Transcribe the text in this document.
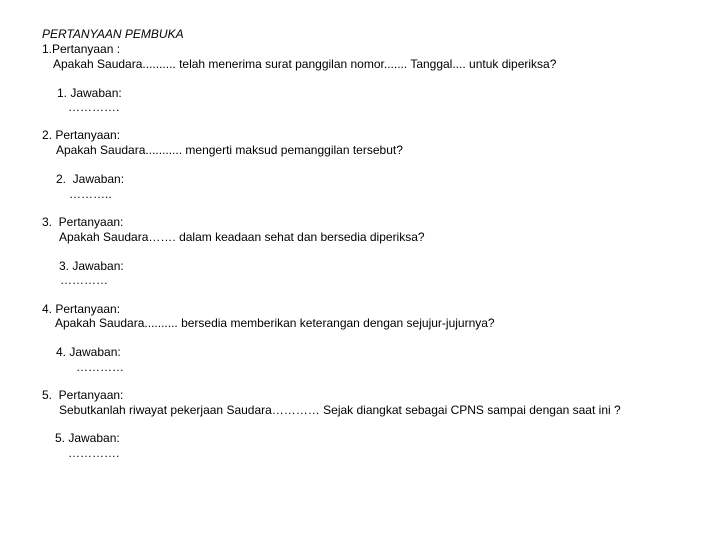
PERTANYAAN PEMBUKA
1.Pertanyaan :
Apakah Saudara.......... telah menerima surat panggilan nomor....... Tanggal.... untuk diperiksa?
1. Jawaban:
………….
2. Pertanyaan:
Apakah Saudara........... mengerti maksud pemanggilan tersebut?
2.  Jawaban:
………..
3.  Pertanyaan:
Apakah Saudara……. dalam keadaan sehat dan bersedia diperiksa?
3. Jawaban:
…………
4. Pertanyaan:
Apakah Saudara.......... bersedia memberikan keterangan dengan sejujur-jujurnya?
4. Jawaban:
…………
5.  Pertanyaan:
Sebutkanlah riwayat pekerjaan Saudara………… Sejak diangkat sebagai CPNS sampai dengan saat ini ?
5. Jawaban:
………….
